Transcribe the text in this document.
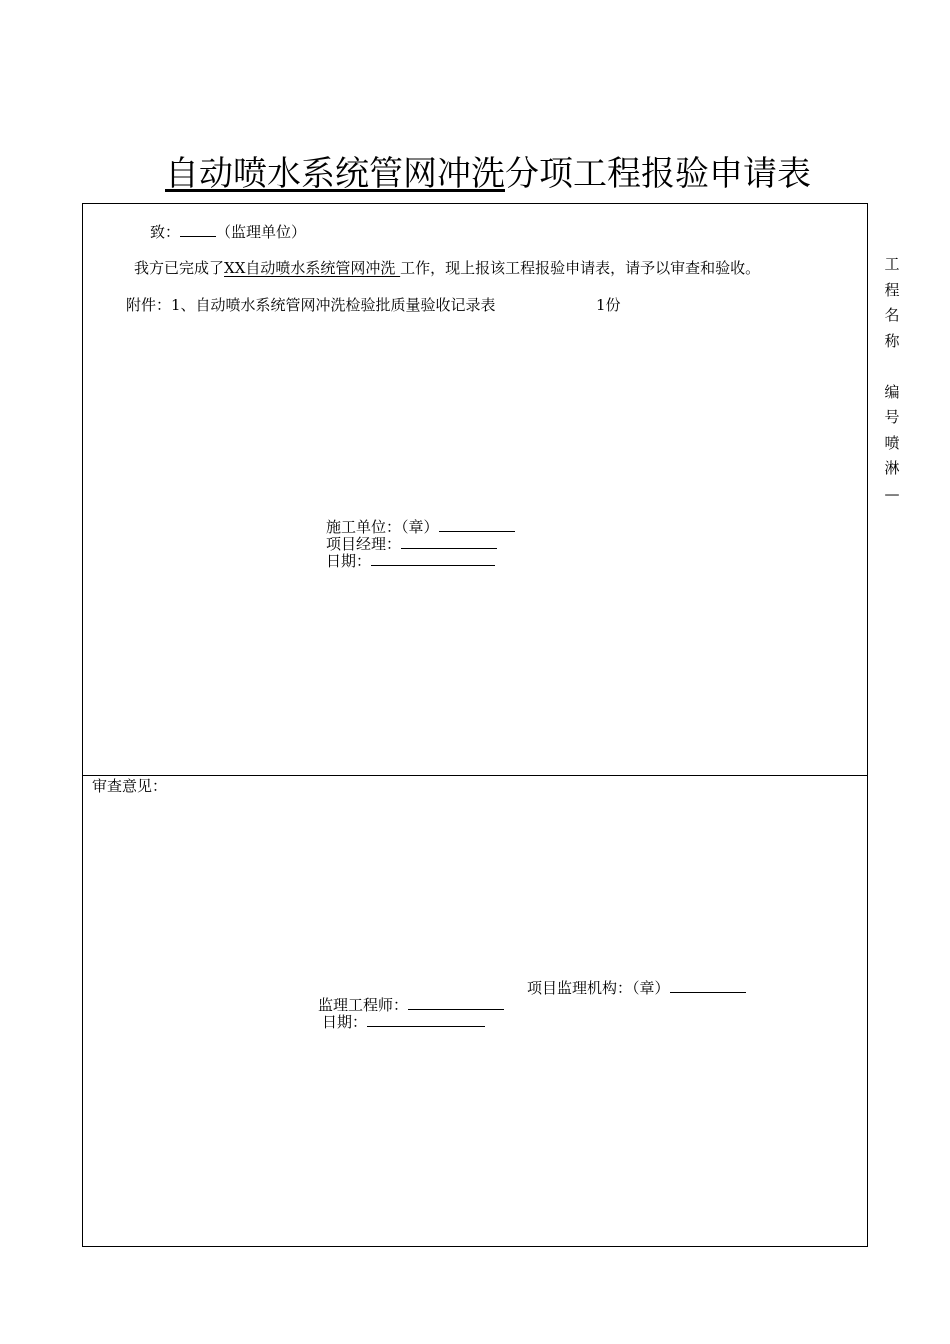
自动喷水系统管网冲洗分项工程报验申请表
致： （监理单位）
我方已完成了XX自动喷水系统管网冲洗 工作，现上报该工程报验申请表，请予以审查和验收。
附件：1、自动喷水系统管网冲洗检验批质量验收记录表	1份
施工单位：（章）
项目经理：
日期：
审查意见：
项目监理机构：（章）
监理工程师：
日期：
工
程
名
称
编
号
喷
淋
—
